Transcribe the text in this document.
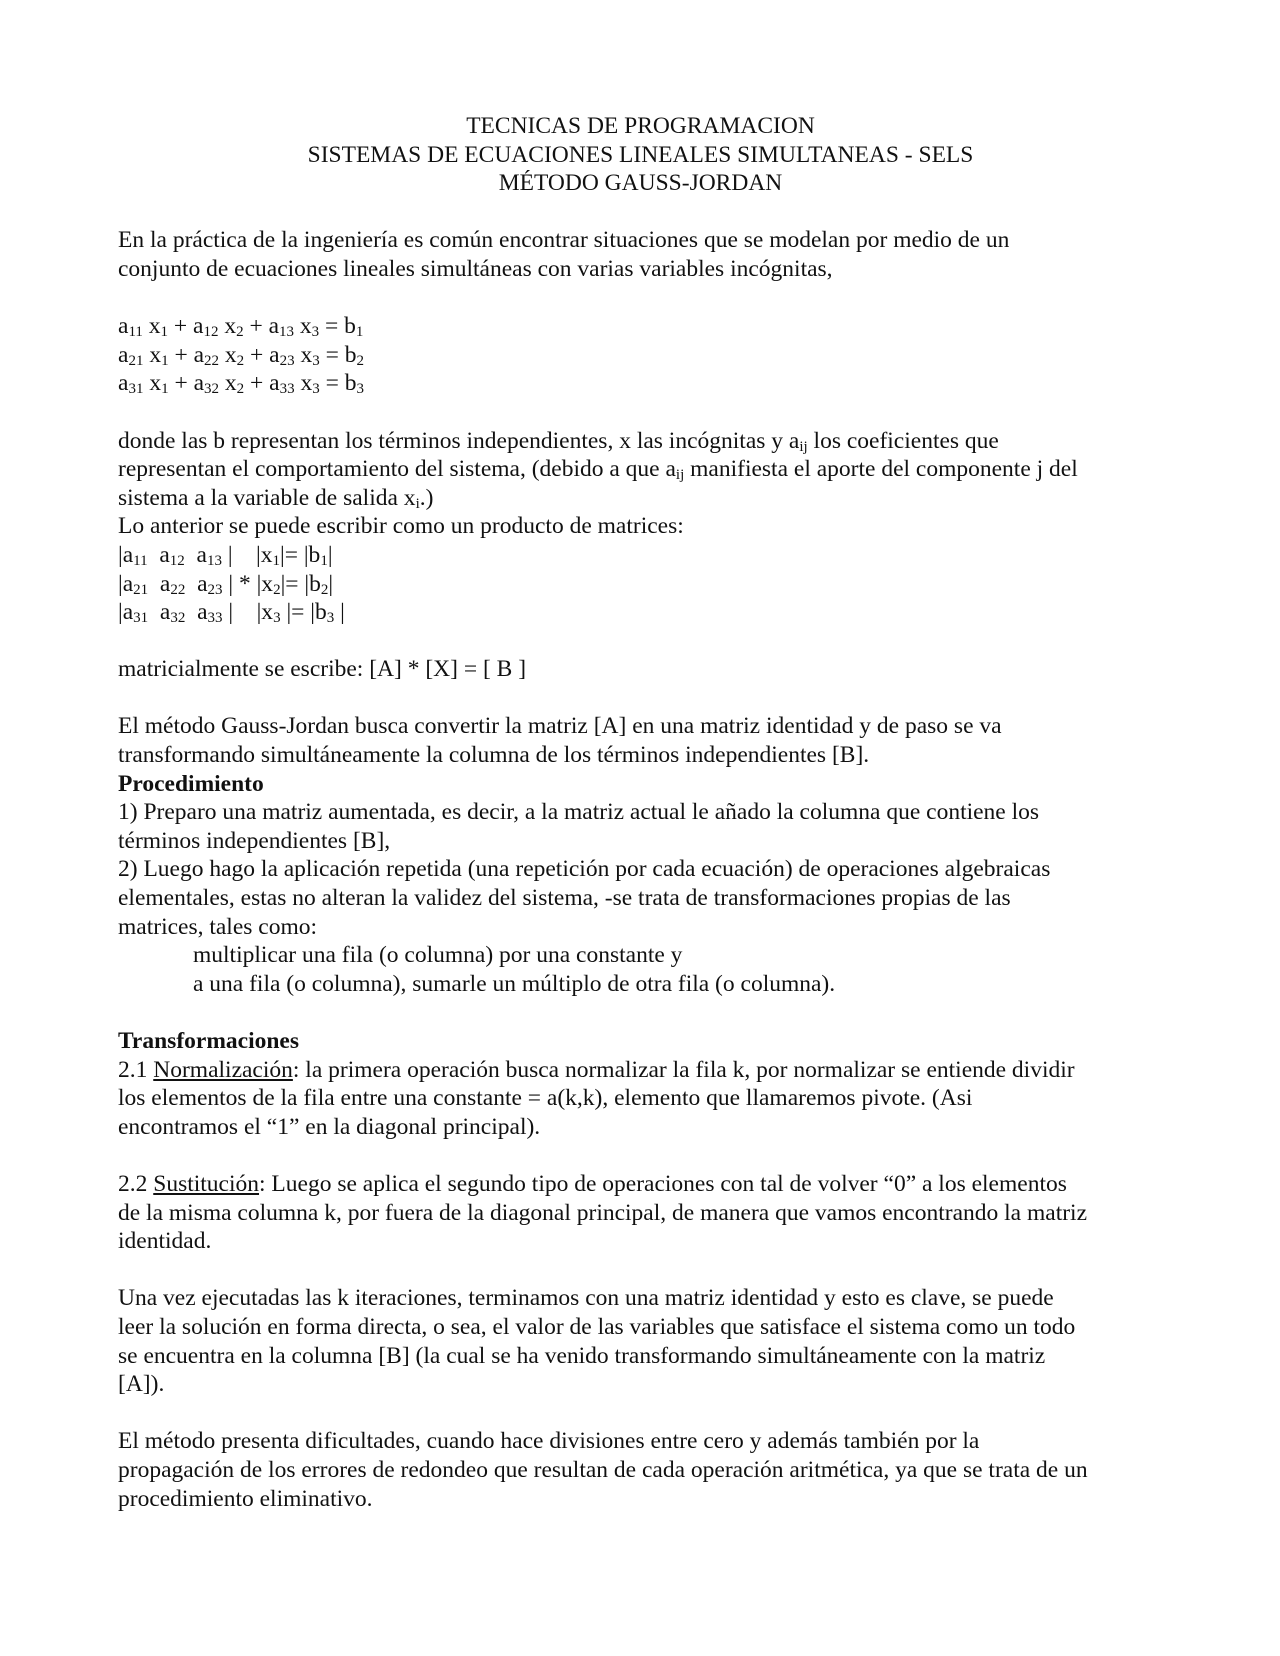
TECNICAS DE PROGRAMACION
SISTEMAS DE ECUACIONES LINEALES SIMULTANEAS - SELS
MÉTODO GAUSS-JORDAN

En la práctica de la ingeniería es común encontrar situaciones que se modelan por medio de un

conjunto de ecuaciones lineales simultáneas con varias variables incógnitas,

$a_{11}$ $x_1 + a_{12}$ $x_2 + a_{13}$ $x_3 = b_1$

$a_{21}$ $x_1 + a_{22}$ $x_2 + a_{23}$ $x_3 = b_2$

$a_{31}$ $x_1 + a_{32}$ $x_2 + a_{33}$ $x_3 = b_3$

donde las b representan los términos independientes, x las incógnitas y $a_{ij}$ los coeficientes que

representan el comportamiento del sistema, (debido a que $a_{ij}$ manifiesta el aporte del componente j del

sistema a la variable de salida $x_i$.)

Lo anterior se puede escribir como un producto de matrices:

$|a_{11}$  $a_{12}$  $a_{13}$ |    $|x_1|= |b_1|$

$|a_{21}$  $a_{22}$  $a_{23}$ | * $|x_2|= |b_2|$

$|a_{31}$  $a_{32}$  $a_{33}$ |    $|x_3$ |= $|b_3$ |

matricialmente se escribe: [A] * [X] = [ B ]

El método Gauss-Jordan busca convertir la matriz [A] en una matriz identidad y de paso se va

transformando simultáneamente la columna de los términos independientes [B].

Procedimiento

1) Preparo una matriz aumentada, es decir, a la matriz actual le añado la columna que contiene los

términos independientes [B],

2) Luego hago la aplicación repetida (una repetición por cada ecuación) de operaciones algebraicas

elementales, estas no alteran la validez del sistema, -se trata de transformaciones propias de las

matrices, tales como:

multiplicar una fila (o columna) por una constante y

a una fila (o columna), sumarle un múltiplo de otra fila (o columna).

Transformaciones

2.1 Normalización: la primera operación busca normalizar la fila k, por normalizar se entiende dividir

los elementos de la fila entre una constante = a(k,k), elemento que llamaremos pivote. (Asi

encontramos el “1” en la diagonal principal).

2.2 Sustitución: Luego se aplica el segundo tipo de operaciones con tal de volver “0” a los elementos

de la misma columna k, por fuera de la diagonal principal, de manera que vamos encontrando la matriz

identidad.

Una vez ejecutadas las k iteraciones, terminamos con una matriz identidad y esto es clave, se puede

leer la solución en forma directa, o sea, el valor de las variables que satisface el sistema como un todo

se encuentra en la columna [B] (la cual se ha venido transformando simultáneamente con la matriz

[A]).

El método presenta dificultades, cuando hace divisiones entre cero y además también por la

propagación de los errores de redondeo que resultan de cada operación aritmética, ya que se trata de un

procedimiento eliminativo.
